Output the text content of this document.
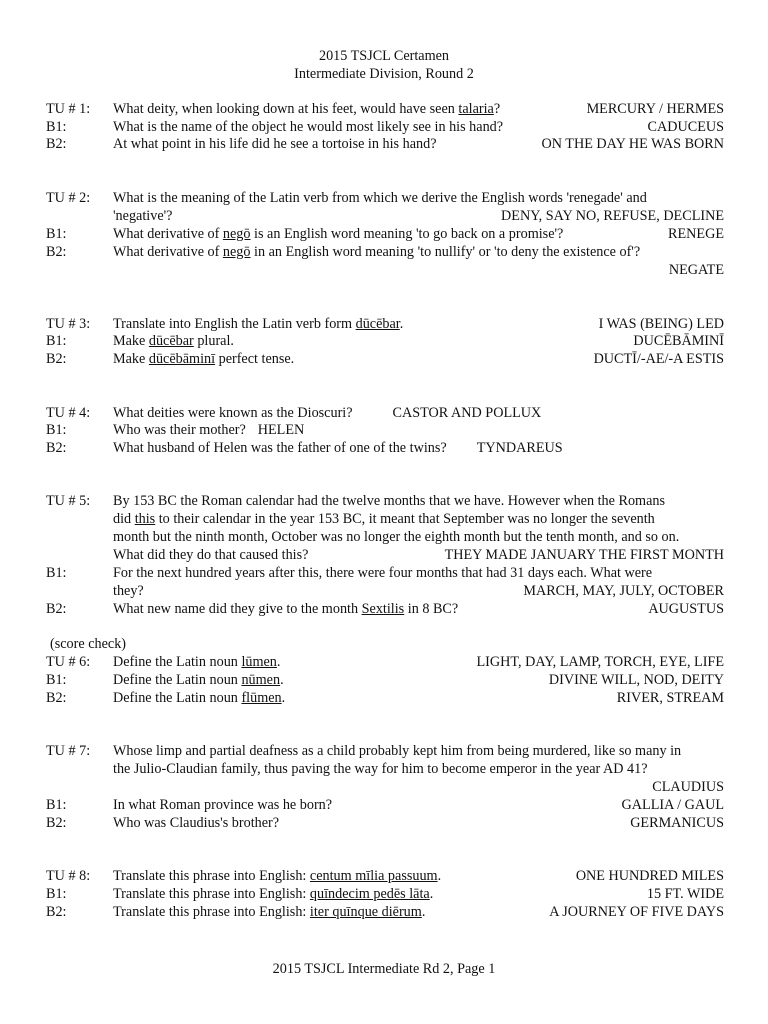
2015 TSJCL Certamen
Intermediate Division, Round 2
TU # 1: What deity, when looking down at his feet, would have seen talaria?	MERCURY / HERMES
B1:	What is the name of the object he would most likely see in his hand?	CADUCEUS
B2:	At what point in his life did he see a tortoise in his hand?	ON THE DAY HE WAS BORN
TU # 2: What is the meaning of the Latin verb from which we derive the English words 'renegade' and
'negative'?	DENY, SAY NO, REFUSE, DECLINE
B1:	What derivative of negō is an English word meaning 'to go back on a promise'?	RENEGE
B2:	What derivative of negō in an English word meaning 'to nullify' or 'to deny the existence of'?
NEGATE
TU # 3: Translate into English the Latin verb form dūcēbar.	I WAS (BEING) LED
B1:	Make dūcēbar plural.	DUCĒBĀMINĪ
B2:	Make dūcēbāminī perfect tense.	DUCTĪ/-AE/-A ESTIS
TU # 4: What deities were known as the Dioscuri?	CASTOR AND POLLUX
B1:	Who was their mother? HELEN
B2:	What husband of Helen was the father of one of the twins? TYNDAREUS
TU # 5: By 153 BC the Roman calendar had the twelve months that we have. However when the Romans
did this to their calendar in the year 153 BC, it meant that September was no longer the seventh
month but the ninth month, October was no longer the eighth month but the tenth month, and so on.
What did they do that caused this?	THEY MADE JANUARY THE FIRST MONTH
B1:	For the next hundred years after this, there were four months that had 31 days each. What were
they?	MARCH, MAY, JULY, OCTOBER
B2:	What new name did they give to the month Sextilis in 8 BC?	AUGUSTUS
(score check)
TU # 6: Define the Latin noun lūmen.	LIGHT, DAY, LAMP, TORCH, EYE, LIFE
B1:	Define the Latin noun nūmen.	DIVINE WILL, NOD, DEITY
B2:	Define the Latin noun flūmen.	RIVER, STREAM
TU # 7: Whose limp and partial deafness as a child probably kept him from being murdered, like so many in
the Julio-Claudian family, thus paving the way for him to become emperor in the year AD 41?
CLAUDIUS
B1:	In what Roman province was he born?	GALLIA / GAUL
B2:	Who was Claudius's brother?	GERMANICUS
TU # 8: Translate this phrase into English: centum mīlia passuum.	ONE HUNDRED MILES
B1:	Translate this phrase into English: quīndecim pedēs lāta.	15 FT. WIDE
B2:	Translate this phrase into English: iter quīnque diērum.	A JOURNEY OF FIVE DAYS
2015 TSJCL Intermediate Rd 2, Page 1
